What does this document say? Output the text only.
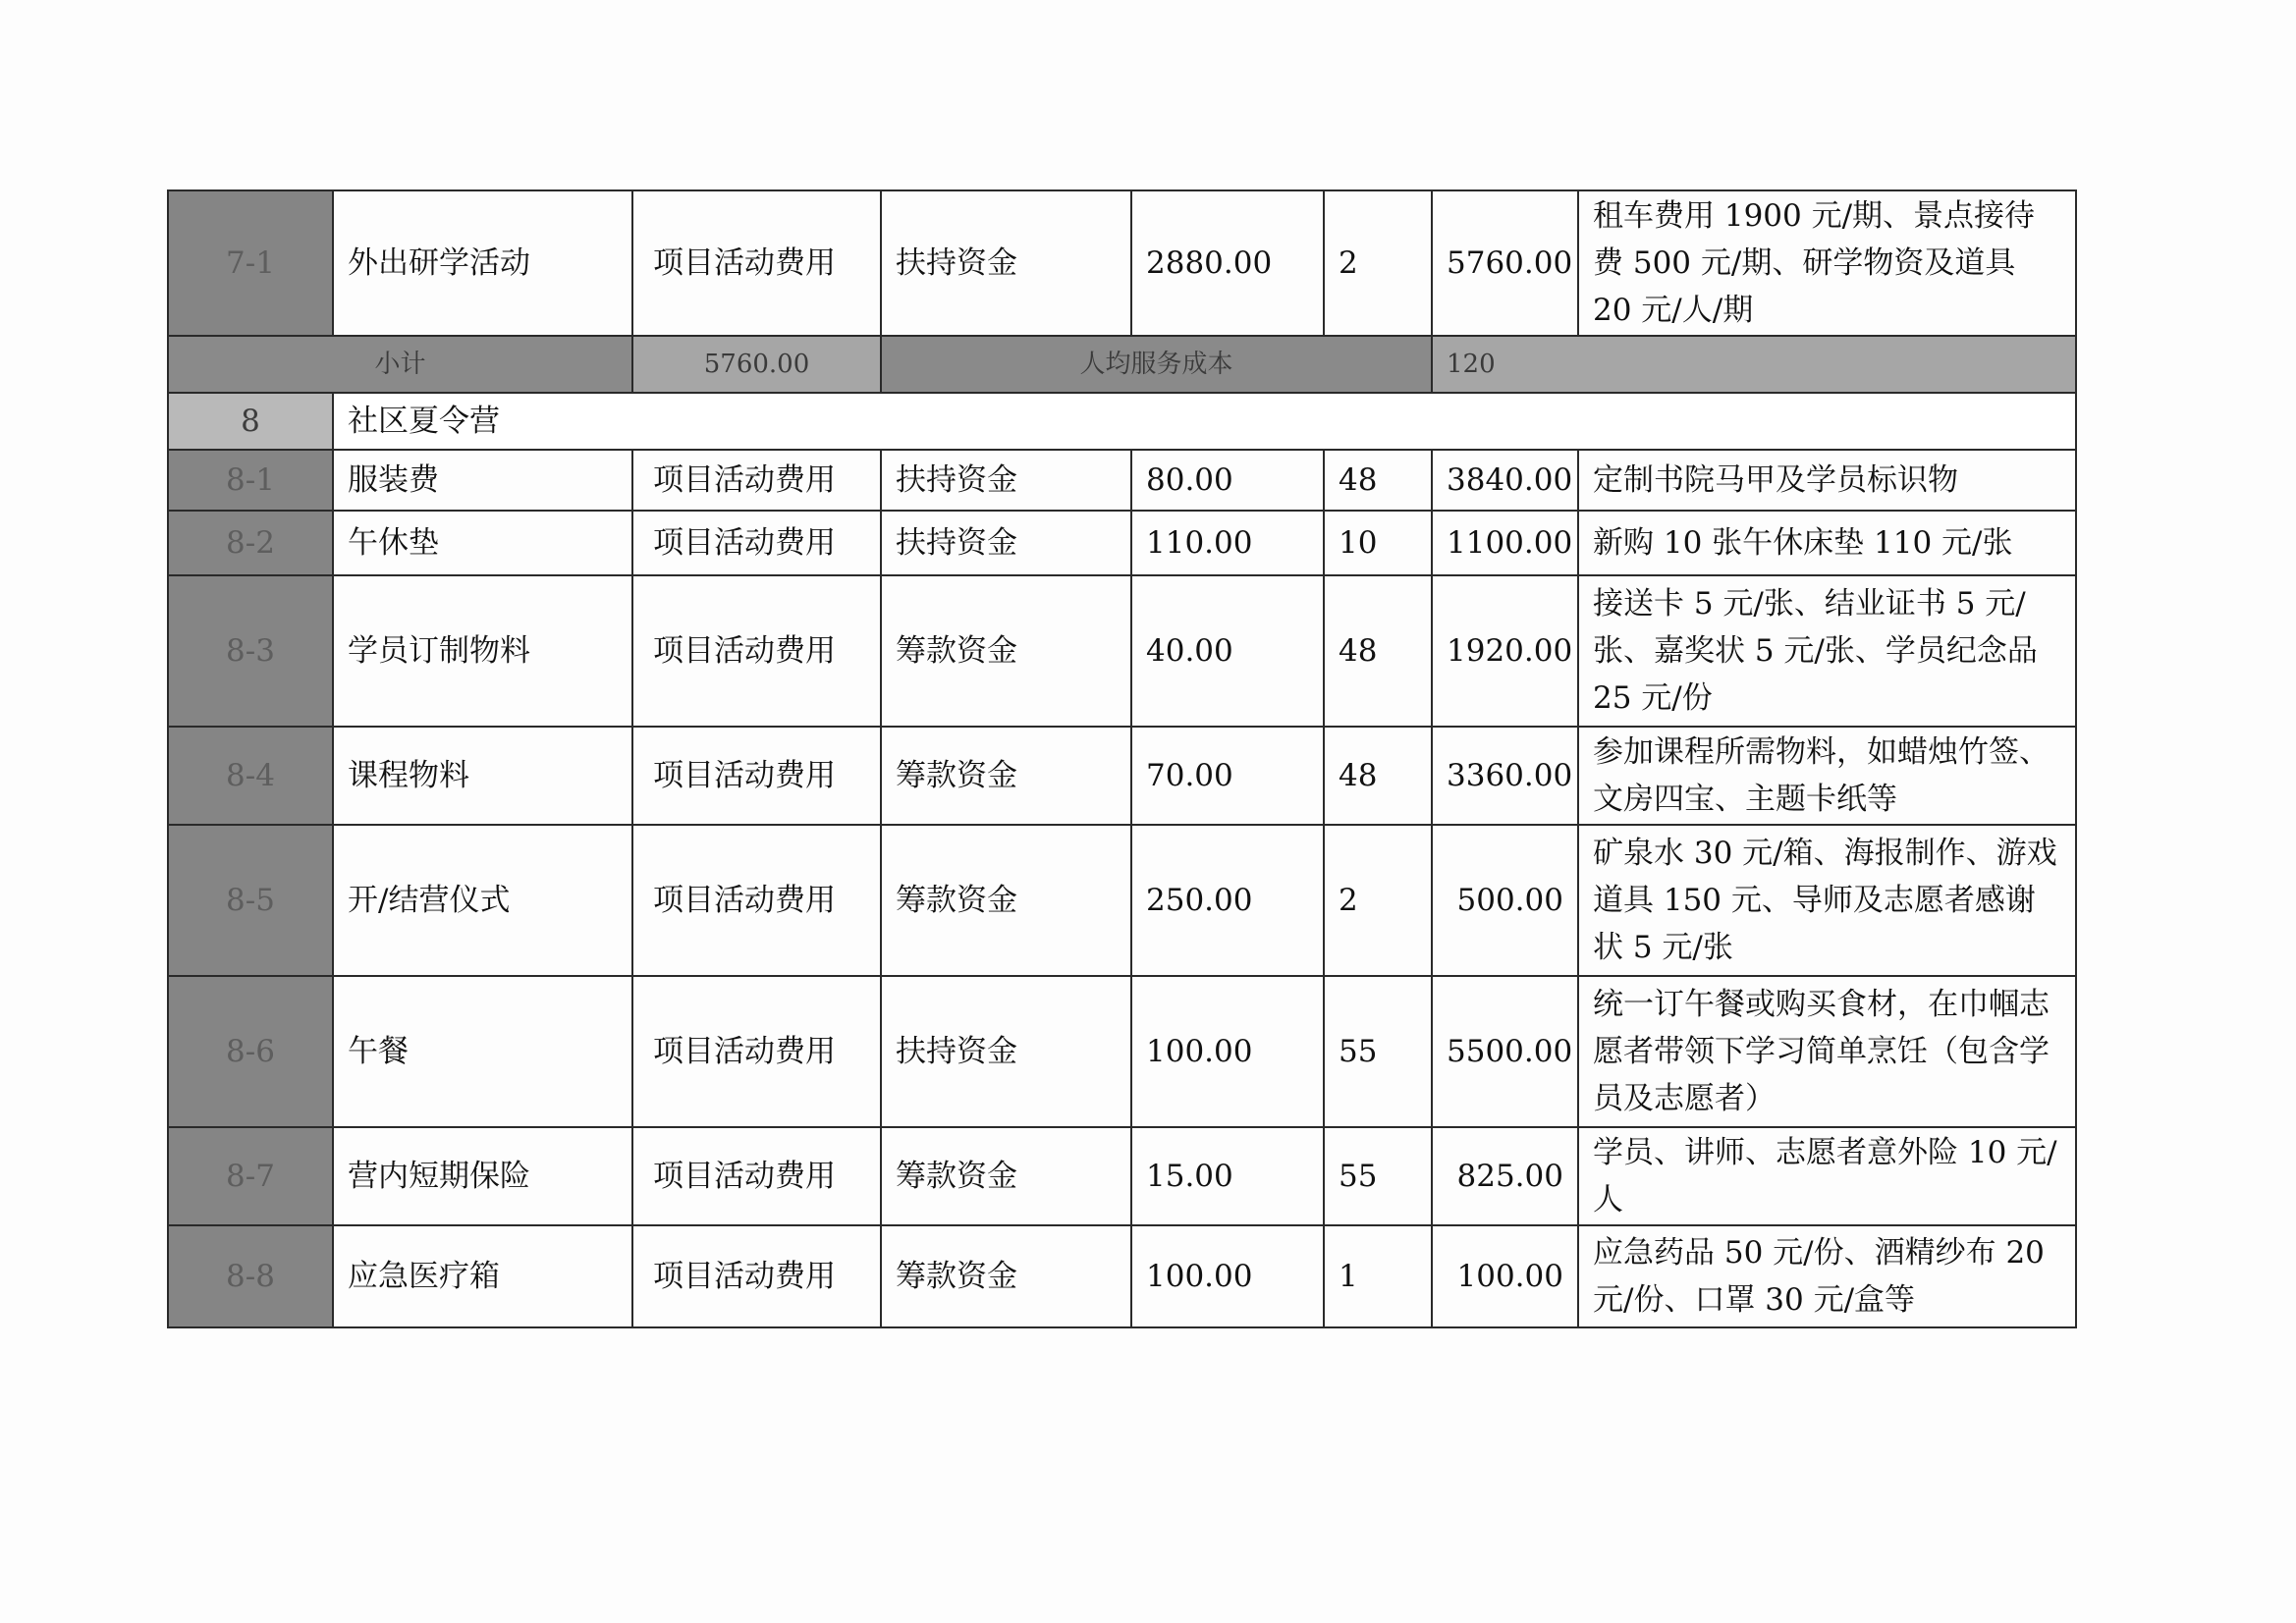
7-1	外出研学活动	项目活动费用	扶持资金	2880.00	2	5760.00	租车费用 1900 元/期、景点接待费 500 元/期、研学物资及道具 20 元/人/期
小计		5760.00	人均服务成本			120	
8	社区夏令营						
8-1	服装费	项目活动费用	扶持资金	80.00	48	3840.00	定制书院马甲及学员标识物
8-2	午休垫	项目活动费用	扶持资金	110.00	10	1100.00	新购 10 张午休床垫 110 元/张
8-3	学员订制物料	项目活动费用	筹款资金	40.00	48	1920.00	接送卡 5 元/张、结业证书 5 元/张、嘉奖状 5 元/张、学员纪念品 25 元/份
8-4	课程物料	项目活动费用	筹款资金	70.00	48	3360.00	参加课程所需物料，如蜡烛竹签、文房四宝、主题卡纸等
8-5	开/结营仪式	项目活动费用	筹款资金	250.00	2	500.00	矿泉水 30 元/箱、海报制作、游戏道具 150 元、导师及志愿者感谢状 5 元/张
8-6	午餐	项目活动费用	扶持资金	100.00	55	5500.00	统一订午餐或购买食材，在巾帼志愿者带领下学习简单烹饪（包含学员及志愿者）
8-7	营内短期保险	项目活动费用	筹款资金	15.00	55	825.00	学员、讲师、志愿者意外险 10 元/人
8-8	应急医疗箱	项目活动费用	筹款资金	100.00	1	100.00	应急药品 50 元/份、酒精纱布 20 元/份、口罩 30 元/盒等
